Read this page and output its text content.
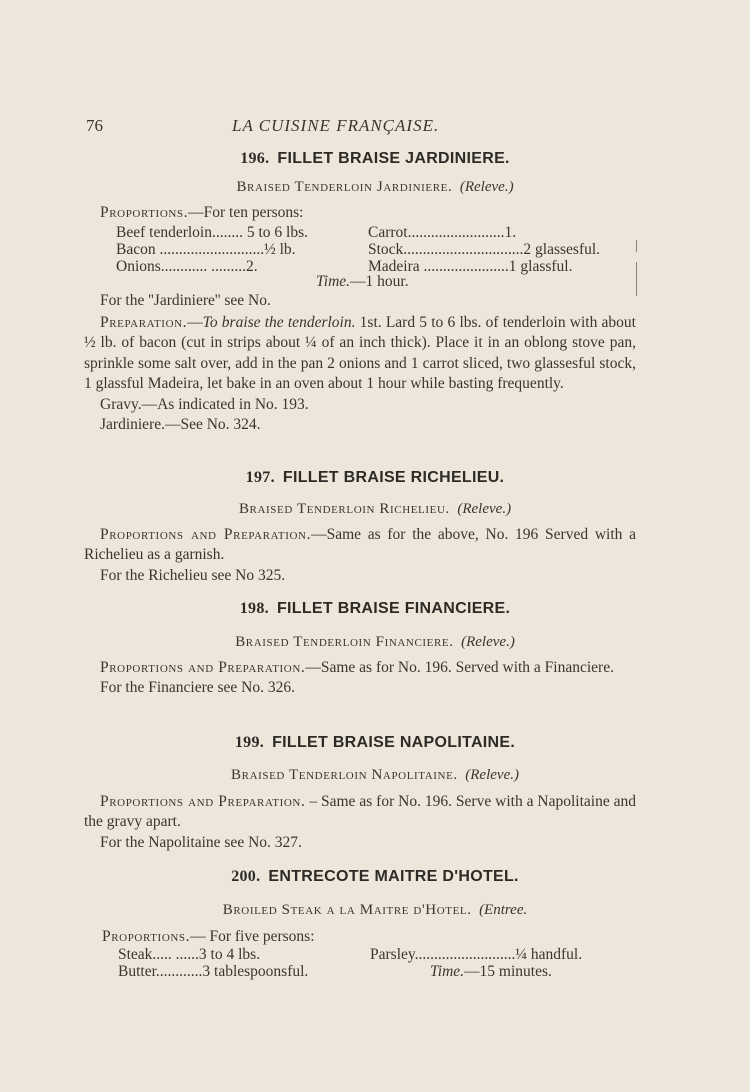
76	LA CUISINE FRANÇAISE.
196. FILLET BRAISE JARDINIERE.
Braised Tenderloin Jardiniere. (Releve.)
Proportions.—For ten persons:
Beef tenderloin........ 5 to 6 lbs.	Carrot.........................1.
Bacon ...........................½ lb.	Stock...............................2 glassesful.
Onions............ .........2.	Madeira ......................1 glassful.
Time.—1 hour.
For the ''Jardiniere'' see No.

Preparation.—To braise the tenderloin. 1st. Lard 5 to 6 lbs. of tenderloin with about ½ lb. of bacon (cut in strips about ¼ of an inch thick). Place it in an oblong stove pan, sprinkle some salt over, add in the pan 2 onions and 1 carrot sliced, two glassesful stock, 1 glassful Madeira, let bake in an oven about 1 hour while basting frequently.

Gravy.—As indicated in No. 193.

Jardiniere.—See No. 324.

197. FILLET BRAISE RICHELIEU.
Braised Tenderloin Richelieu. (Releve.)

Proportions and Preparation.—Same as for the above, No. 196 Served with a Richelieu as a garnish.

For the Richelieu see No 325.

198. FILLET BRAISE FINANCIERE.
Braised Tenderloin Financiere. (Releve.)

Proportions and Preparation.—Same as for No. 196. Served with a Financiere.

For the Financiere see No. 326.

199. FILLET BRAISE NAPOLITAINE.
Braised Tenderloin Napolitaine. (Releve.)

Proportions and Preparation. – Same as for No. 196. Serve with a Napolitaine and the gravy apart.

For the Napolitaine see No. 327.

200. ENTRECOTE MAITRE D'HOTEL.
Broiled Steak a la Maitre d'Hotel. (Entree.
Proportions.— For five persons:
Steak..... ......3 to 4 lbs.	Parsley..........................¼ handful.
Butter............3 tablespoonsful.	Time.—15 minutes.
